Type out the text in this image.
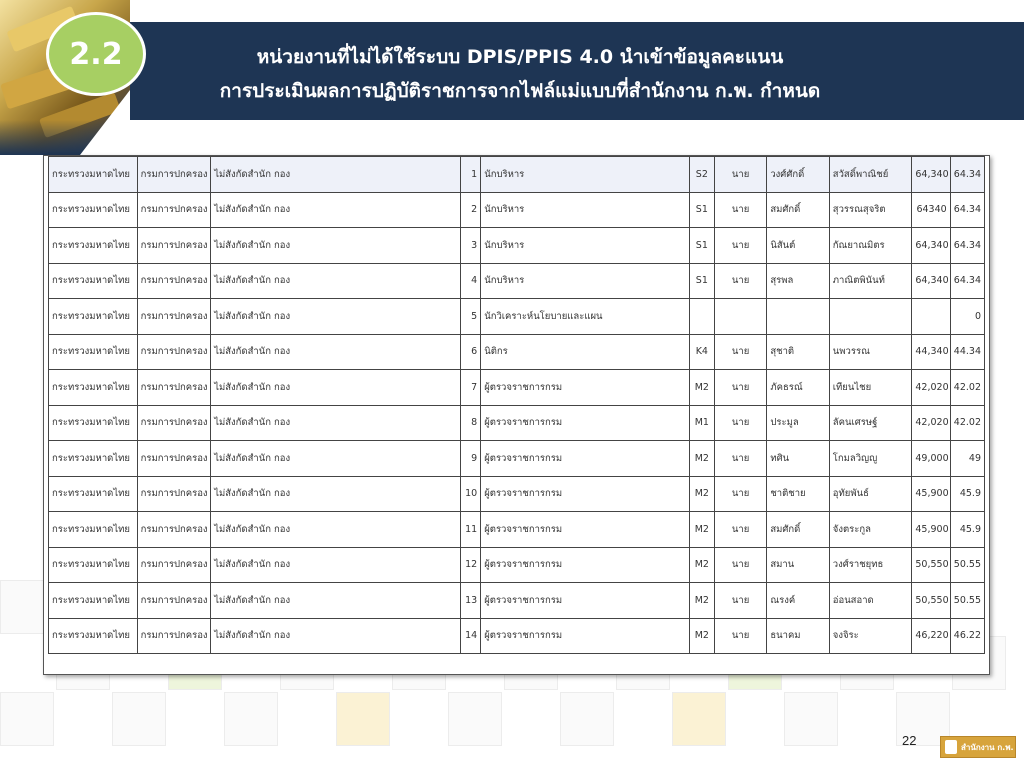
2.2	หน่วยงานที่ไม่ได้ใช้ระบบ DPIS/PPIS 4.0 นำเข้าข้อมูลคะแนน
การประเมินผลการปฏิบัติราชการจากไฟล์แม่แบบที่สำนักงาน ก.พ. กำหนด
กระทรวงมหาดไทย	กรมการปกครอง	ไม่สังกัดสำนัก กอง	1	นักบริหาร	S2	นาย	วงศ์ศักดิ์	สวัสดิ์พาณิชย์	64,340	64.34
กระทรวงมหาดไทย	กรมการปกครอง	ไม่สังกัดสำนัก กอง	2	นักบริหาร	S1	นาย	สมศักดิ์	สุวรรณสุจริต	64340	64.34
กระทรวงมหาดไทย	กรมการปกครอง	ไม่สังกัดสำนัก กอง	3	นักบริหาร	S1	นาย	นิสันต์	กัณยาณมิตร	64,340	64.34
กระทรวงมหาดไทย	กรมการปกครอง	ไม่สังกัดสำนัก กอง	4	นักบริหาร	S1	นาย	สุรพล	ภาณิตพินันท์	64,340	64.34
กระทรวงมหาดไทย	กรมการปกครอง	ไม่สังกัดสำนัก กอง	5	นักวิเคราะห์นโยบายและแผน						0
กระทรวงมหาดไทย	กรมการปกครอง	ไม่สังกัดสำนัก กอง	6	นิติกร	K4	นาย	สุชาติ	นพวรรณ	44,340	44.34
กระทรวงมหาดไทย	กรมการปกครอง	ไม่สังกัดสำนัก กอง	7	ผู้ตรวจราชการกรม	M2	นาย	ภัคธรณ์	เทียนไชย	42,020	42.02
กระทรวงมหาดไทย	กรมการปกครอง	ไม่สังกัดสำนัก กอง	8	ผู้ตรวจราชการกรม	M1	นาย	ประมูล	ลัคนเศรษฐ์	42,020	42.02
กระทรวงมหาดไทย	กรมการปกครอง	ไม่สังกัดสำนัก กอง	9	ผู้ตรวจราชการกรม	M2	นาย	ทศิน	โกมลวิญญู	49,000	49
กระทรวงมหาดไทย	กรมการปกครอง	ไม่สังกัดสำนัก กอง	10	ผู้ตรวจราชการกรม	M2	นาย	ชาติชาย	อุทัยพันธ์	45,900	45.9
กระทรวงมหาดไทย	กรมการปกครอง	ไม่สังกัดสำนัก กอง	11	ผู้ตรวจราชการกรม	M2	นาย	สมศักดิ์	จังตระกูล	45,900	45.9
กระทรวงมหาดไทย	กรมการปกครอง	ไม่สังกัดสำนัก กอง	12	ผู้ตรวจราชการกรม	M2	นาย	สมาน	วงศ์ราชยุทธ	50,550	50.55
กระทรวงมหาดไทย	กรมการปกครอง	ไม่สังกัดสำนัก กอง	13	ผู้ตรวจราชการกรม	M2	นาย	ณรงค์	อ่อนสอาด	50,550	50.55
กระทรวงมหาดไทย	กรมการปกครอง	ไม่สังกัดสำนัก กอง	14	ผู้ตรวจราชการกรม	M2	นาย	ธนาคม	จงจิระ	46,220	46.22
22	สำนักงาน ก.พ.
